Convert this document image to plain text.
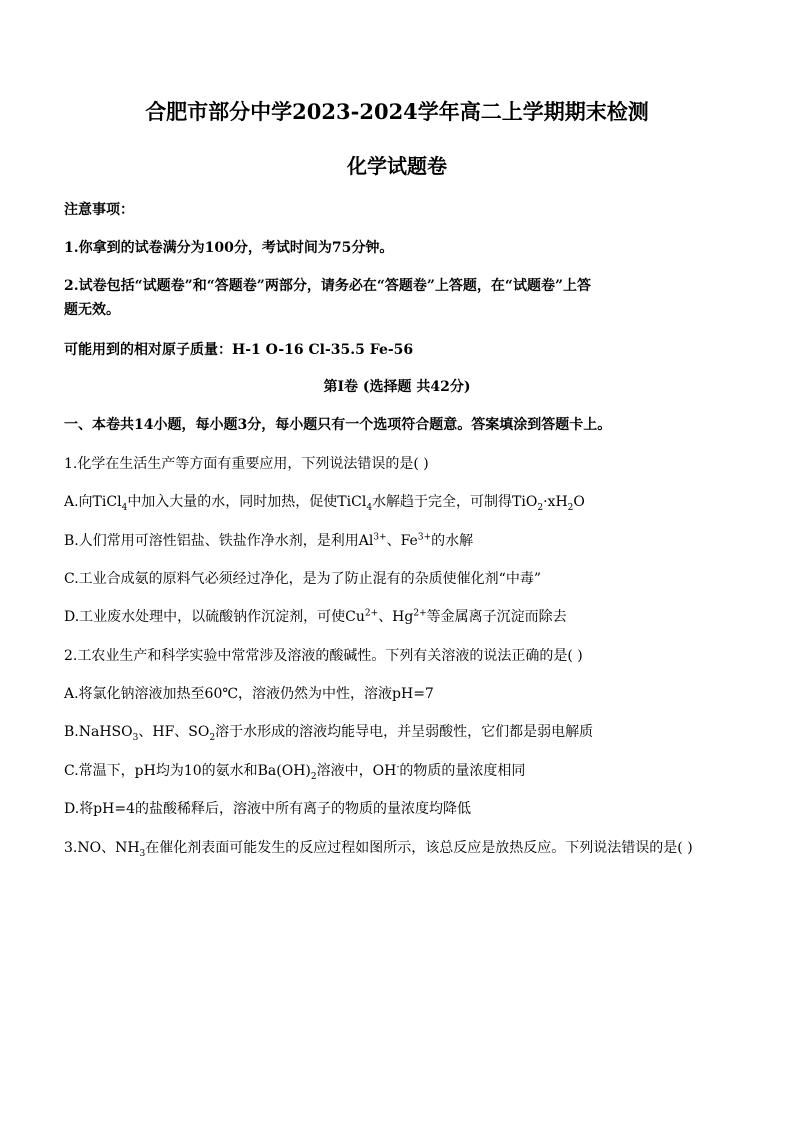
合肥市部分中学2023-2024学年高二上学期期末检测
化学试题卷
注意事项：
1.你拿到的试卷满分为100分，考试时间为75分钟。
2.试卷包括“试题卷”和“答题卷”两部分，请务必在“答题卷”上答题，在“试题卷”上答
题无效。
可能用到的相对原子质量：H-1 O-16 Cl-35.5 Fe-56
第Ⅰ卷 (选择题 共42分)
一、本卷共14小题，每小题3分，每小题只有一个选项符合题意。答案填涂到答题卡上。
1.化学在生活生产等方面有重要应用，下列说法错误的是( )
A.向TiCl$_4$中加入大量的水，同时加热，促使TiCl$_4$水解趋于完全，可制得$TiO_2\cdot xH_2O$
B.人们常用可溶性铝盐、铁盐作净水剂，是利用$Al^{3+}$、$Fe^{3+}$的水解
C.工业合成氨的原料气必须经过净化，是为了防止混有的杂质使催化剂“中毒”
D.工业废水处理中，以硫酸钠作沉淀剂，可使$Cu^{2+}$、$Hg^{2+}$等金属离子沉淀而除去
2.工农业生产和科学实验中常常涉及溶液的酸碱性。下列有关溶液的说法正确的是( )
A.将氯化钠溶液加热至60℃，溶液仍然为中性，溶液pH=7
B.NaHSO$_3$、HF、$SO_2$溶于水形成的溶液均能导电，并呈弱酸性，它们都是弱电解质
C.常温下，pH均为10的氨水和$Ba(OH)_2$溶液中，OH-的物质的量浓度相同
D.将pH=4的盐酸稀释后，溶液中所有离子的物质的量浓度均降低
3.NO、$NH_3$在催化剂表面可能发生的反应过程如图所示，该总反应是放热反应。下列说法错误的是( )
